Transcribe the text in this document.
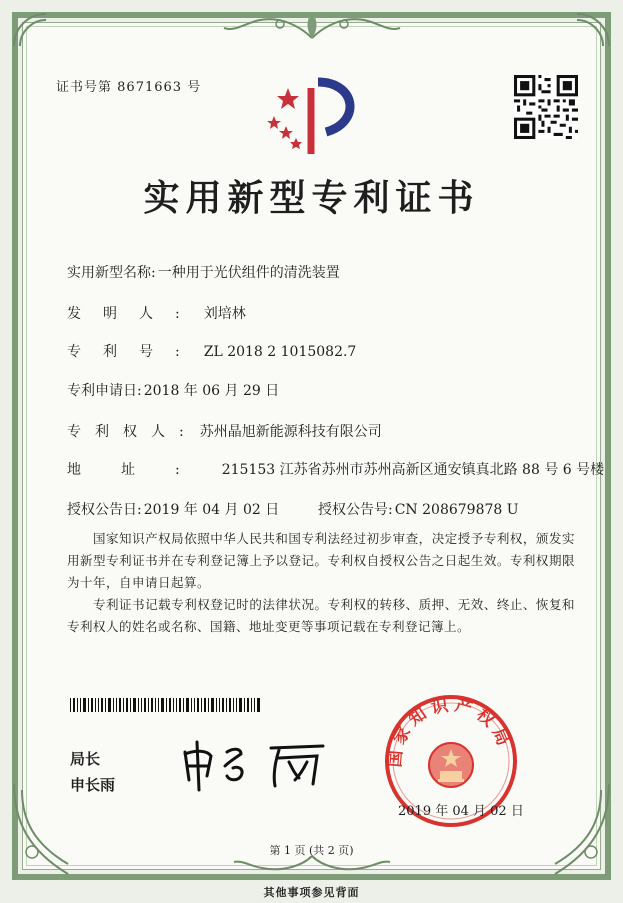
证书号第 8671663 号
实用新型专利证书
实用新型名称: 一种用于光伏组件的清洗装置
发明人: 刘培林
专利号: ZL 2018 2 1015082.7
专利申请日: 2018 年 06 月 29 日
专利权人: 苏州晶旭新能源科技有限公司
地址: 215153 江苏省苏州市苏州高新区通安镇真北路 88 号 6 号楼
授权公告日: 2019 年 04 月 02 日	授权公告号: CN 208679878 U
国家知识产权局依照中华人民共和国专利法经过初步审查，决定授予专利权，颁发实用新型专利证书并在专利登记簿上予以登记。专利权自授权公告之日起生效。专利权期限为十年，自申请日起算。
专利证书记载专利权登记时的法律状况。专利权的转移、质押、无效、终止、恢复和专利权人的姓名或名称、国籍、地址变更等事项记载在专利登记簿上。
局长
申长雨
国家知识产权局
2019 年 04 月 02 日
第 1 页 (共 2 页)
其他事项参见背面
